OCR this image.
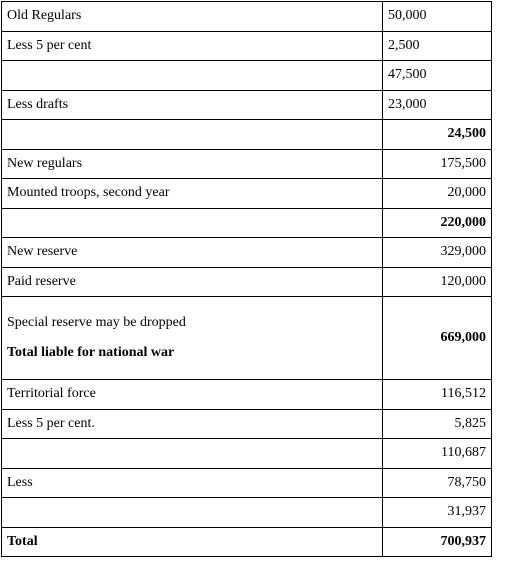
Old Regulars	50,000
Less 5 per cent	2,500
	47,500
Less drafts	23,000
	24,500
New regulars	175,500
Mounted troops, second year	20,000
	220,000
New reserve	329,000
Paid reserve	120,000

Special reserve may be dropped
Total liable for national war	669,000
Territorial force	116,512
Less 5 per cent.	5,825
	110,687
Less	78,750
	31,937
Total	700,937
